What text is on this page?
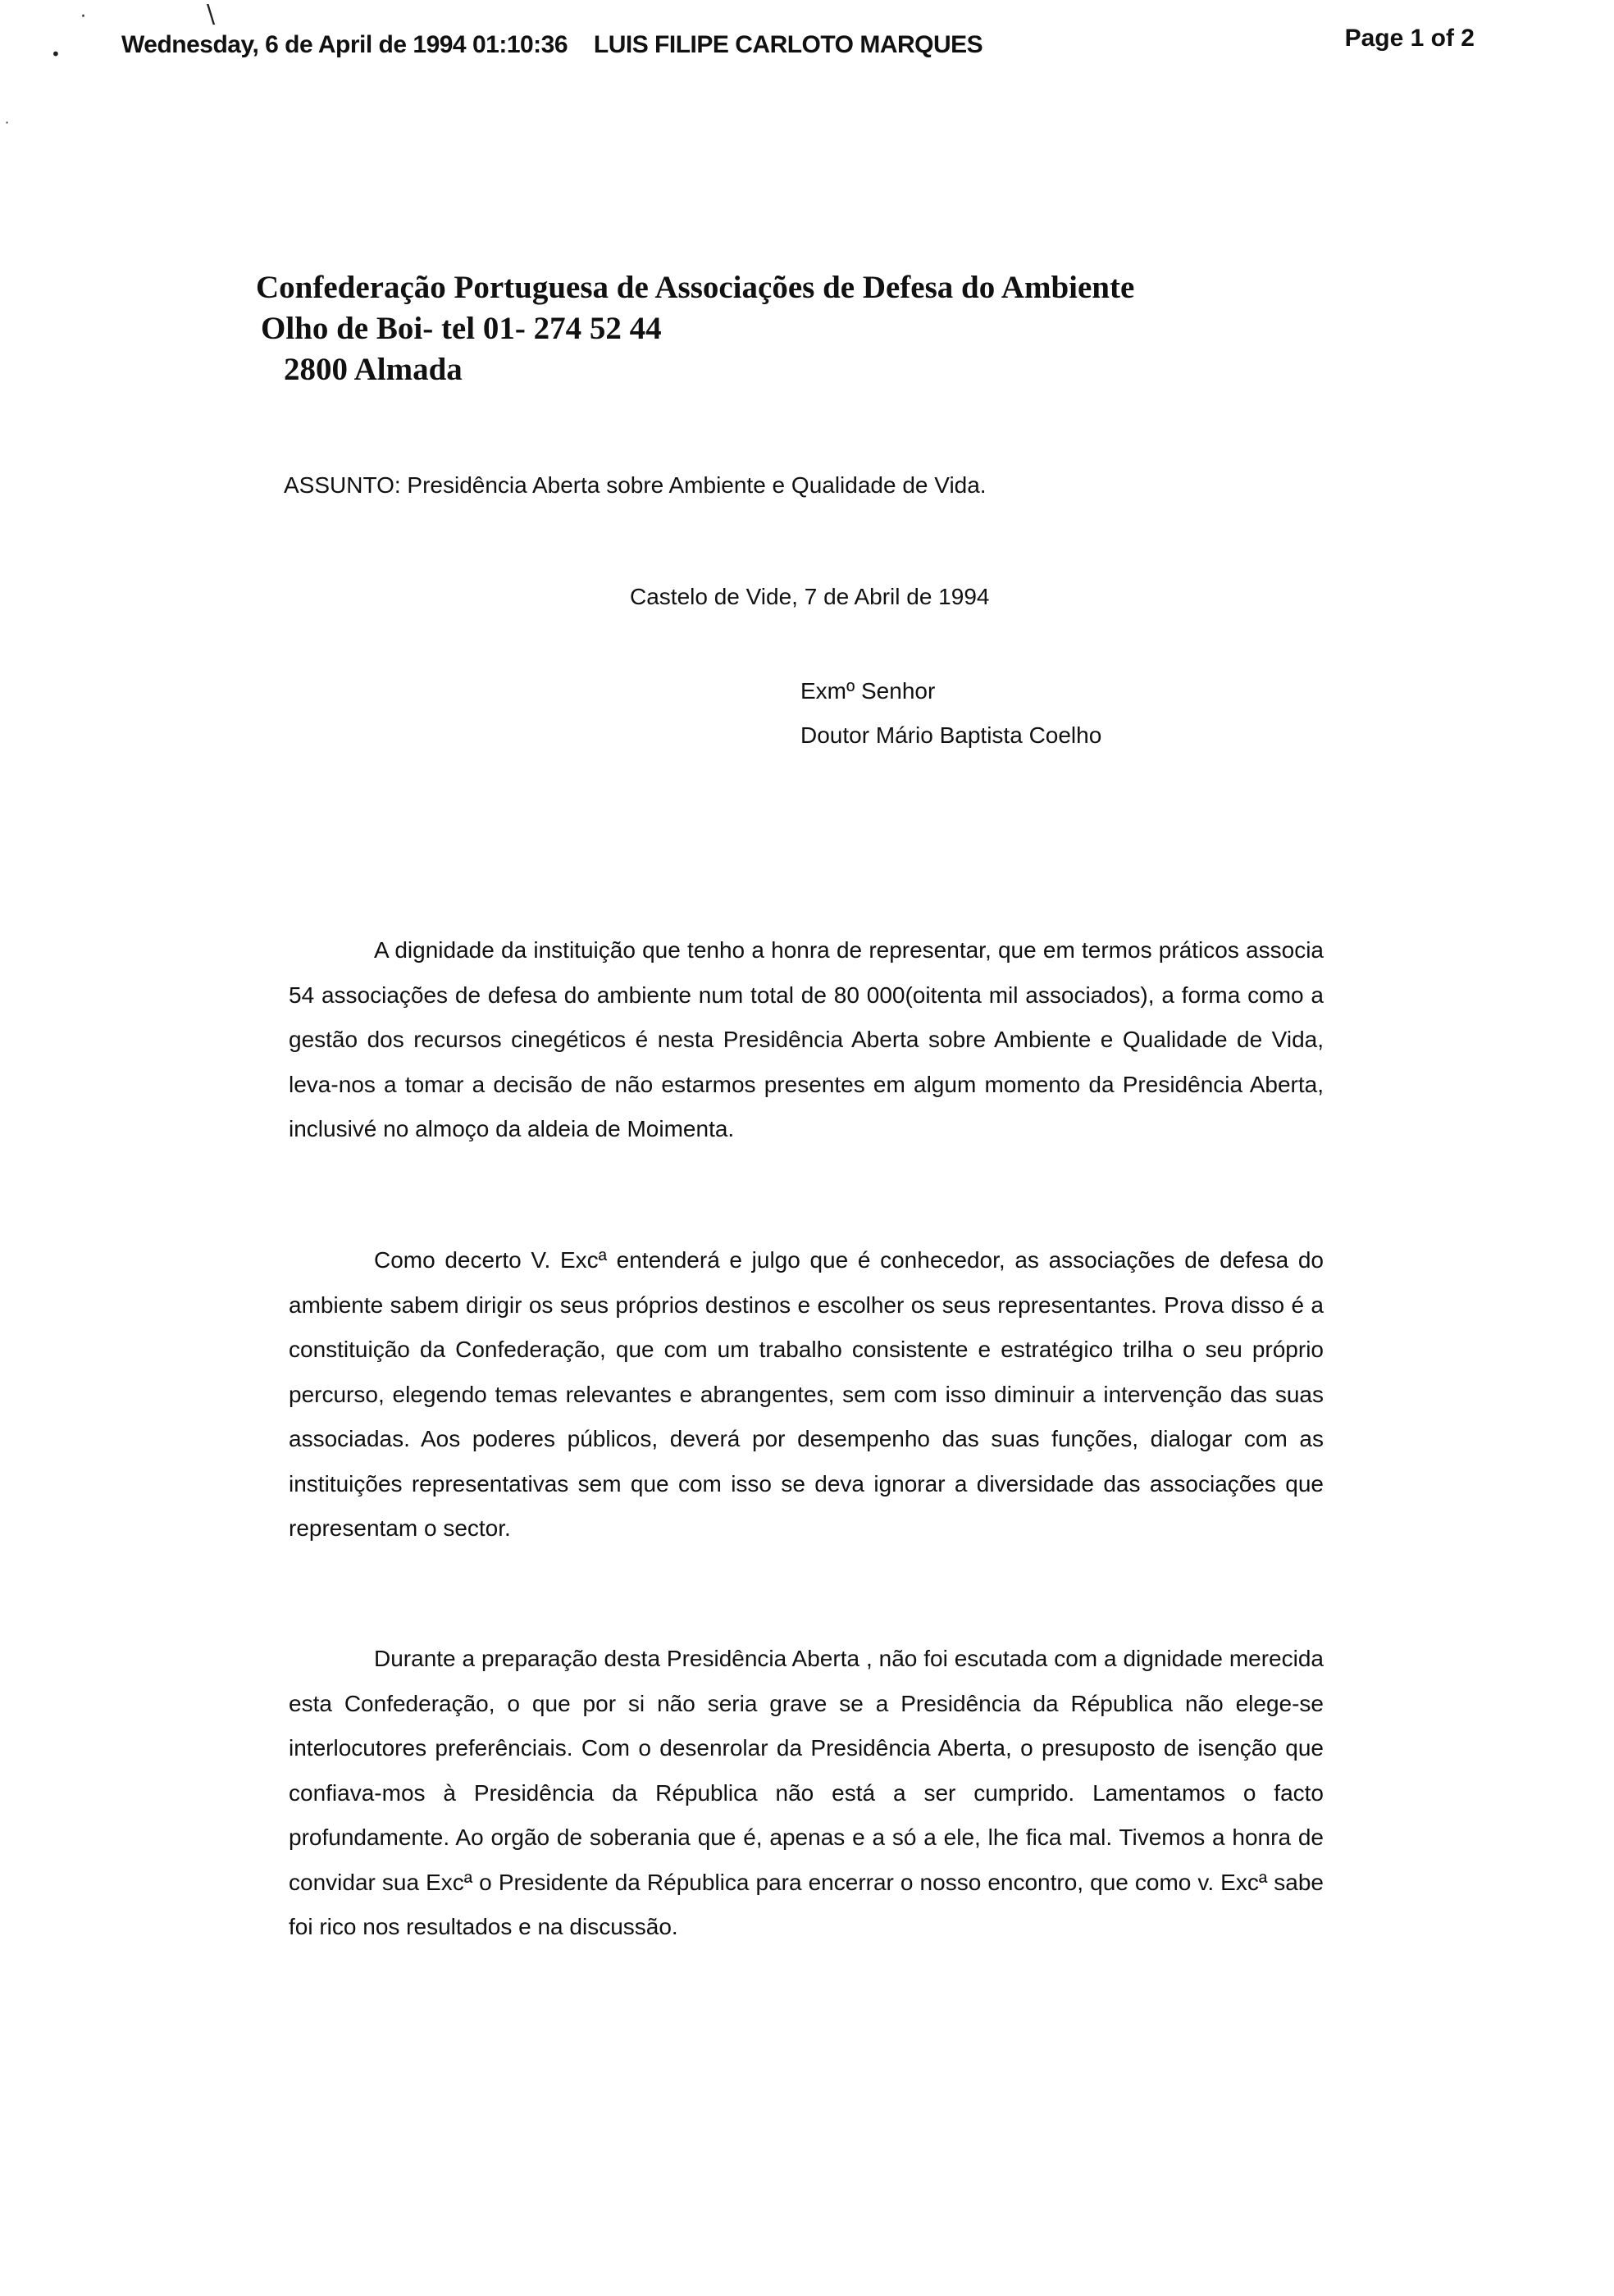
·	\
•
·
Wednesday, 6 de April de 1994 01:10:36 LUIS FILIPE CARLOTO MARQUES	Page 1 of 2
Confederação Portuguesa de Associações de Defesa do Ambiente
Olho de Boi- tel 01- 274 52 44
2800 Almada
ASSUNTO: Presidência Aberta sobre Ambiente e Qualidade de Vida.
Castelo de Vide, 7 de Abril de 1994
Exmº Senhor
Doutor Mário Baptista Coelho

A dignidade da instituição que tenho a honra de representar, que em termos práticos associa 54 associações de defesa do ambiente num total de 80 000(oitenta mil associados), a forma como a gestão dos recursos cinegéticos é nesta Presidência Aberta sobre Ambiente e Qualidade de Vida, leva-nos a tomar a decisão de não estarmos presentes em algum momento da Presidência Aberta, inclusivé no almoço da aldeia de Moimenta.

Como decerto V. Excª entenderá e julgo que é conhecedor, as associações de defesa do ambiente sabem dirigir os seus próprios destinos e escolher os seus representantes. Prova disso é a constituição da Confederação, que com um trabalho consistente e estratégico trilha o seu próprio percurso, elegendo temas relevantes e abrangentes, sem com isso diminuir a intervenção das suas associadas. Aos poderes públicos, deverá por desempenho das suas funções, dialogar com as instituições representativas sem que com isso se deva ignorar a diversidade das associações que representam o sector.

Durante a preparação desta Presidência Aberta , não foi escutada com a dignidade merecida esta Confederação, o que por si não seria grave se a Presidência da Républica não elege-se interlocutores preferênciais. Com o desenrolar da Presidência Aberta, o presuposto de isenção que confiava-mos à Presidência da Républica não está a ser cumprido. Lamentamos o facto profundamente. Ao orgão de soberania que é, apenas e a só a ele, lhe fica mal. Tivemos a honra de convidar sua Excª o Presidente da Républica para encerrar o nosso encontro, que como v. Excª sabe foi rico nos resultados e na discussão.
